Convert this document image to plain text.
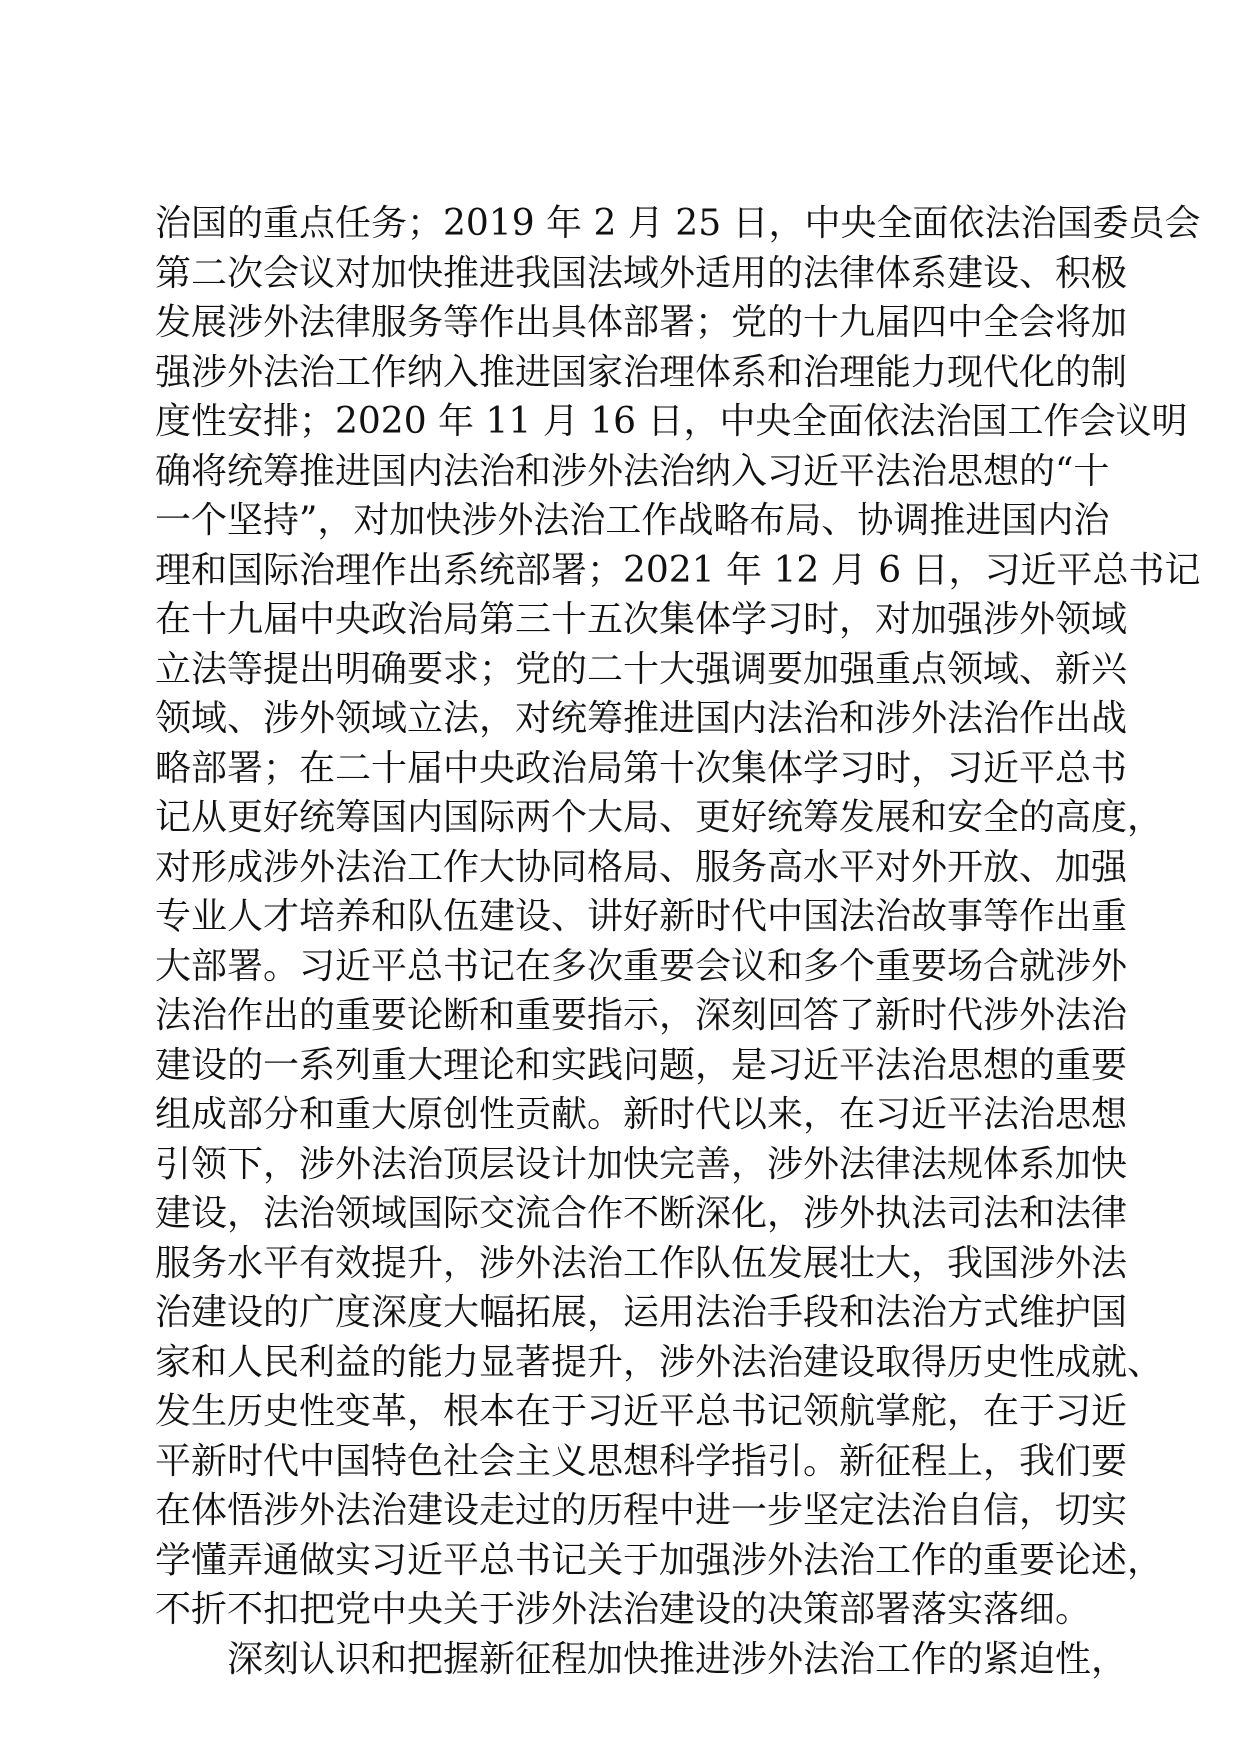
治国的重点任务；2019 年 2 月 25 日，中央全面依法治国委员会
第二次会议对加快推进我国法域外适用的法律体系建设、积极
发展涉外法律服务等作出具体部署；党的十九届四中全会将加
强涉外法治工作纳入推进国家治理体系和治理能力现代化的制
度性安排；2020 年 11 月 16 日，中央全面依法治国工作会议明
确将统筹推进国内法治和涉外法治纳入习近平法治思想的“十
一个坚持”，对加快涉外法治工作战略布局、协调推进国内治
理和国际治理作出系统部署；2021 年 12 月 6 日，习近平总书记
在十九届中央政治局第三十五次集体学习时，对加强涉外领域
立法等提出明确要求；党的二十大强调要加强重点领域、新兴
领域、涉外领域立法，对统筹推进国内法治和涉外法治作出战
略部署；在二十届中央政治局第十次集体学习时，习近平总书
记从更好统筹国内国际两个大局、更好统筹发展和安全的高度，
对形成涉外法治工作大协同格局、服务高水平对外开放、加强
专业人才培养和队伍建设、讲好新时代中国法治故事等作出重
大部署。习近平总书记在多次重要会议和多个重要场合就涉外
法治作出的重要论断和重要指示，深刻回答了新时代涉外法治
建设的一系列重大理论和实践问题，是习近平法治思想的重要
组成部分和重大原创性贡献。新时代以来，在习近平法治思想
引领下，涉外法治顶层设计加快完善，涉外法律法规体系加快
建设，法治领域国际交流合作不断深化，涉外执法司法和法律
服务水平有效提升，涉外法治工作队伍发展壮大，我国涉外法
治建设的广度深度大幅拓展，运用法治手段和法治方式维护国
家和人民利益的能力显著提升，涉外法治建设取得历史性成就、
发生历史性变革，根本在于习近平总书记领航掌舵，在于习近
平新时代中国特色社会主义思想科学指引。新征程上，我们要
在体悟涉外法治建设走过的历程中进一步坚定法治自信，切实
学懂弄通做实习近平总书记关于加强涉外法治工作的重要论述，
不折不扣把党中央关于涉外法治建设的决策部署落实落细。
深刻认识和把握新征程加快推进涉外法治工作的紧迫性，
